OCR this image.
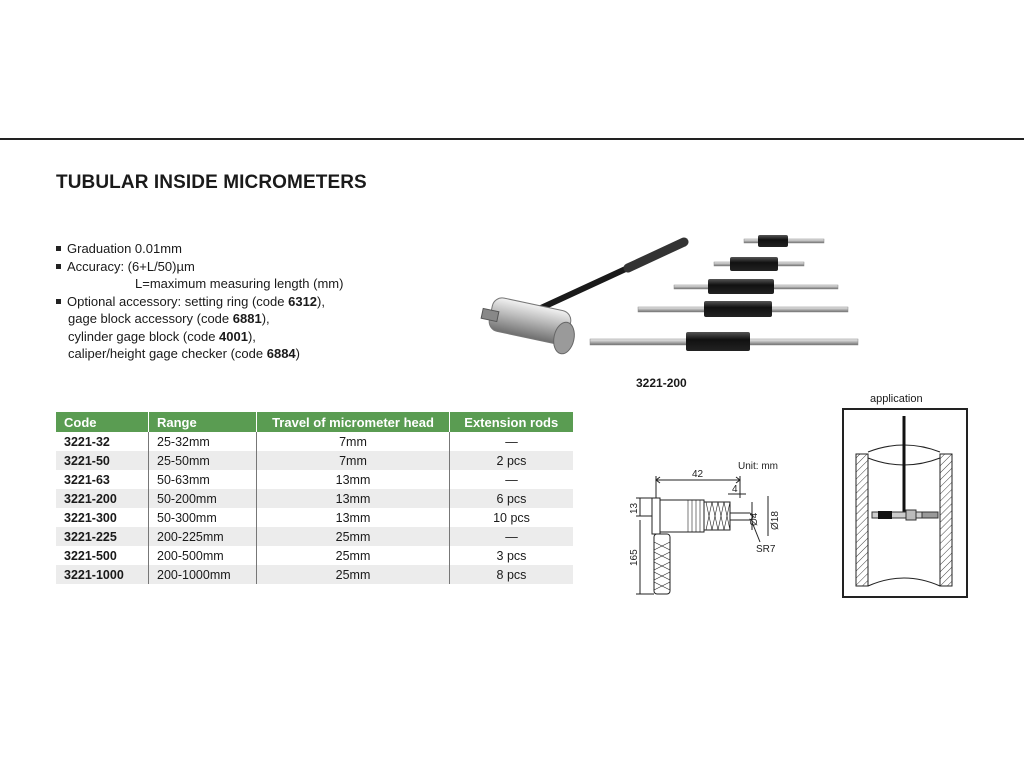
TUBULAR INSIDE MICROMETERS
Graduation 0.01mm
Accuracy: (6+L/50)µm
L=maximum measuring length (mm)
Optional accessory: setting ring (code 6312),
gage block accessory (code 6881),
cylinder gage block (code 4001),
caliper/height gage checker (code 6884)
3221-200
Code	Range	Travel of micrometer head	Extension rods
3221-32	25-32mm	7mm	—
3221-50	25-50mm	7mm	2 pcs
3221-63	50-63mm	13mm	—
3221-200	50-200mm	13mm	6 pcs
3221-300	50-300mm	13mm	10 pcs
3221-225	200-225mm	25mm	—
3221-500	200-500mm	25mm	3 pcs
3221-1000	200-1000mm	25mm	8 pcs
Unit: mm
42
4
Ø4 Ø18
SR7
13
165
application
